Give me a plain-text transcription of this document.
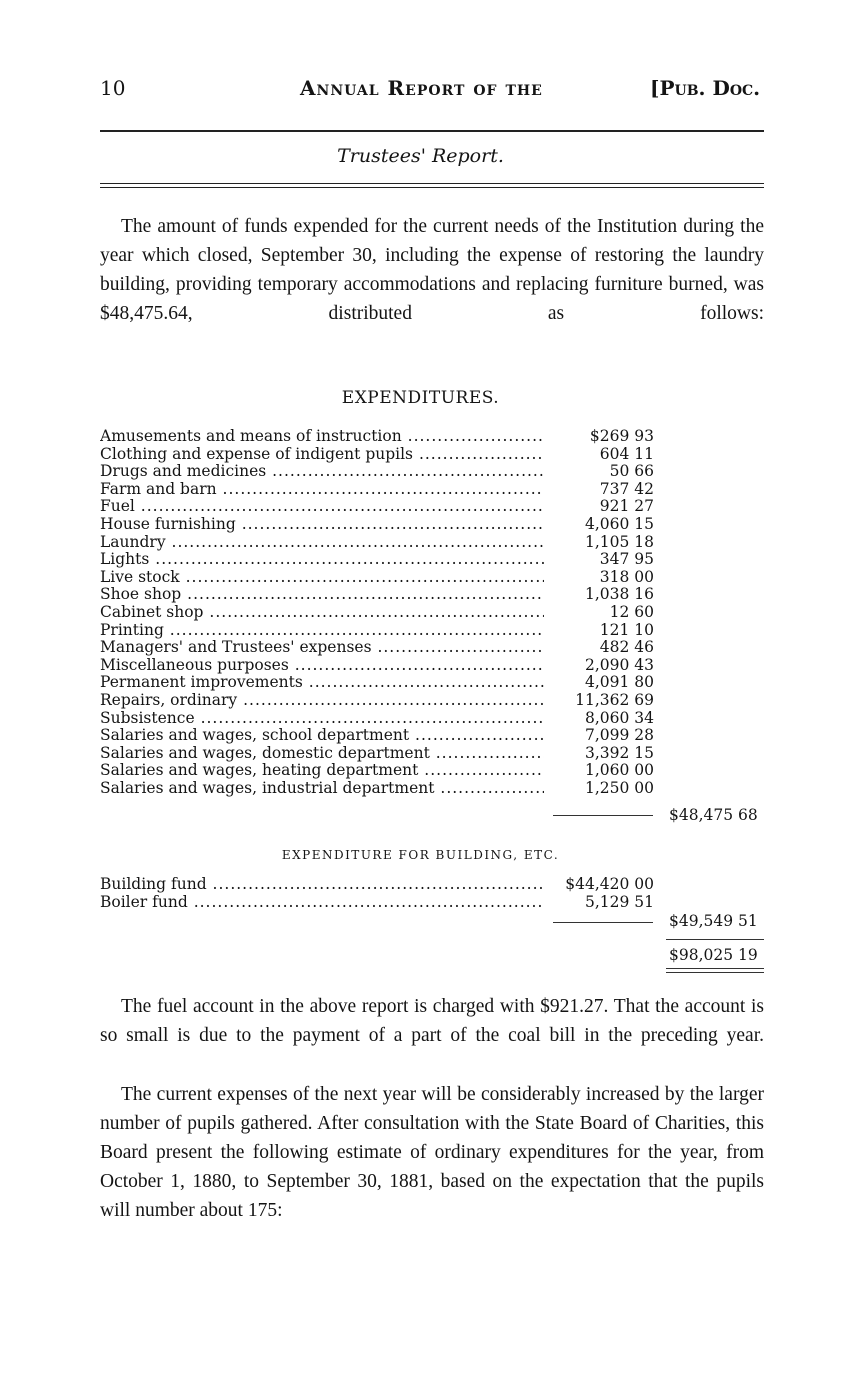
10	Annual Report of the	[Pub. Doc.
Trustees' Report.

The amount of funds expended for the current needs of the Institution during the year which closed, September 30, including the expense of restoring the laundry building, providing temporary accommodations and replacing furniture burned, was $48,475.64, distributed as follows:

EXPENDITURES.
Amusements and means of instruction .....	$269 93
Clothing and expense of indigent pupils .....	604 11
Drugs and medicines .....	50 66
Farm and barn .....	737 42
Fuel .....	921 27
House furnishing .....	4,060 15
Laundry .....	1,105 18
Lights .....	347 95
Live stock .....	318 00
Shoe shop .....	1,038 16
Cabinet shop .....	12 60
Printing .....	121 10
Managers' and Trustees' expenses .....	482 46
Miscellaneous purposes .....	2,090 43
Permanent improvements .....	4,091 80
Repairs, ordinary .....	11,362 69
Subsistence .....	8,060 34
Salaries and wages, school department .....	7,099 28
Salaries and wages, domestic department .....	3,392 15
Salaries and wages, heating department .....	1,060 00
Salaries and wages, industrial department .....	1,250 00
$48,475 68
EXPENDITURE FOR BUILDING, ETC.
Building fund .....	$44,420 00
Boiler fund .....	5,129 51
$49,549 51
$98,025 19

The fuel account in the above report is charged with $921.27. That the account is so small is due to the payment of a part of the coal bill in the preceding year.

The current expenses of the next year will be considerably increased by the larger number of pupils gathered. After consultation with the State Board of Charities, this Board present the following estimate of ordinary expenditures for the year, from October 1, 1880, to September 30, 1881, based on the expectation that the pupils will number about 175:
